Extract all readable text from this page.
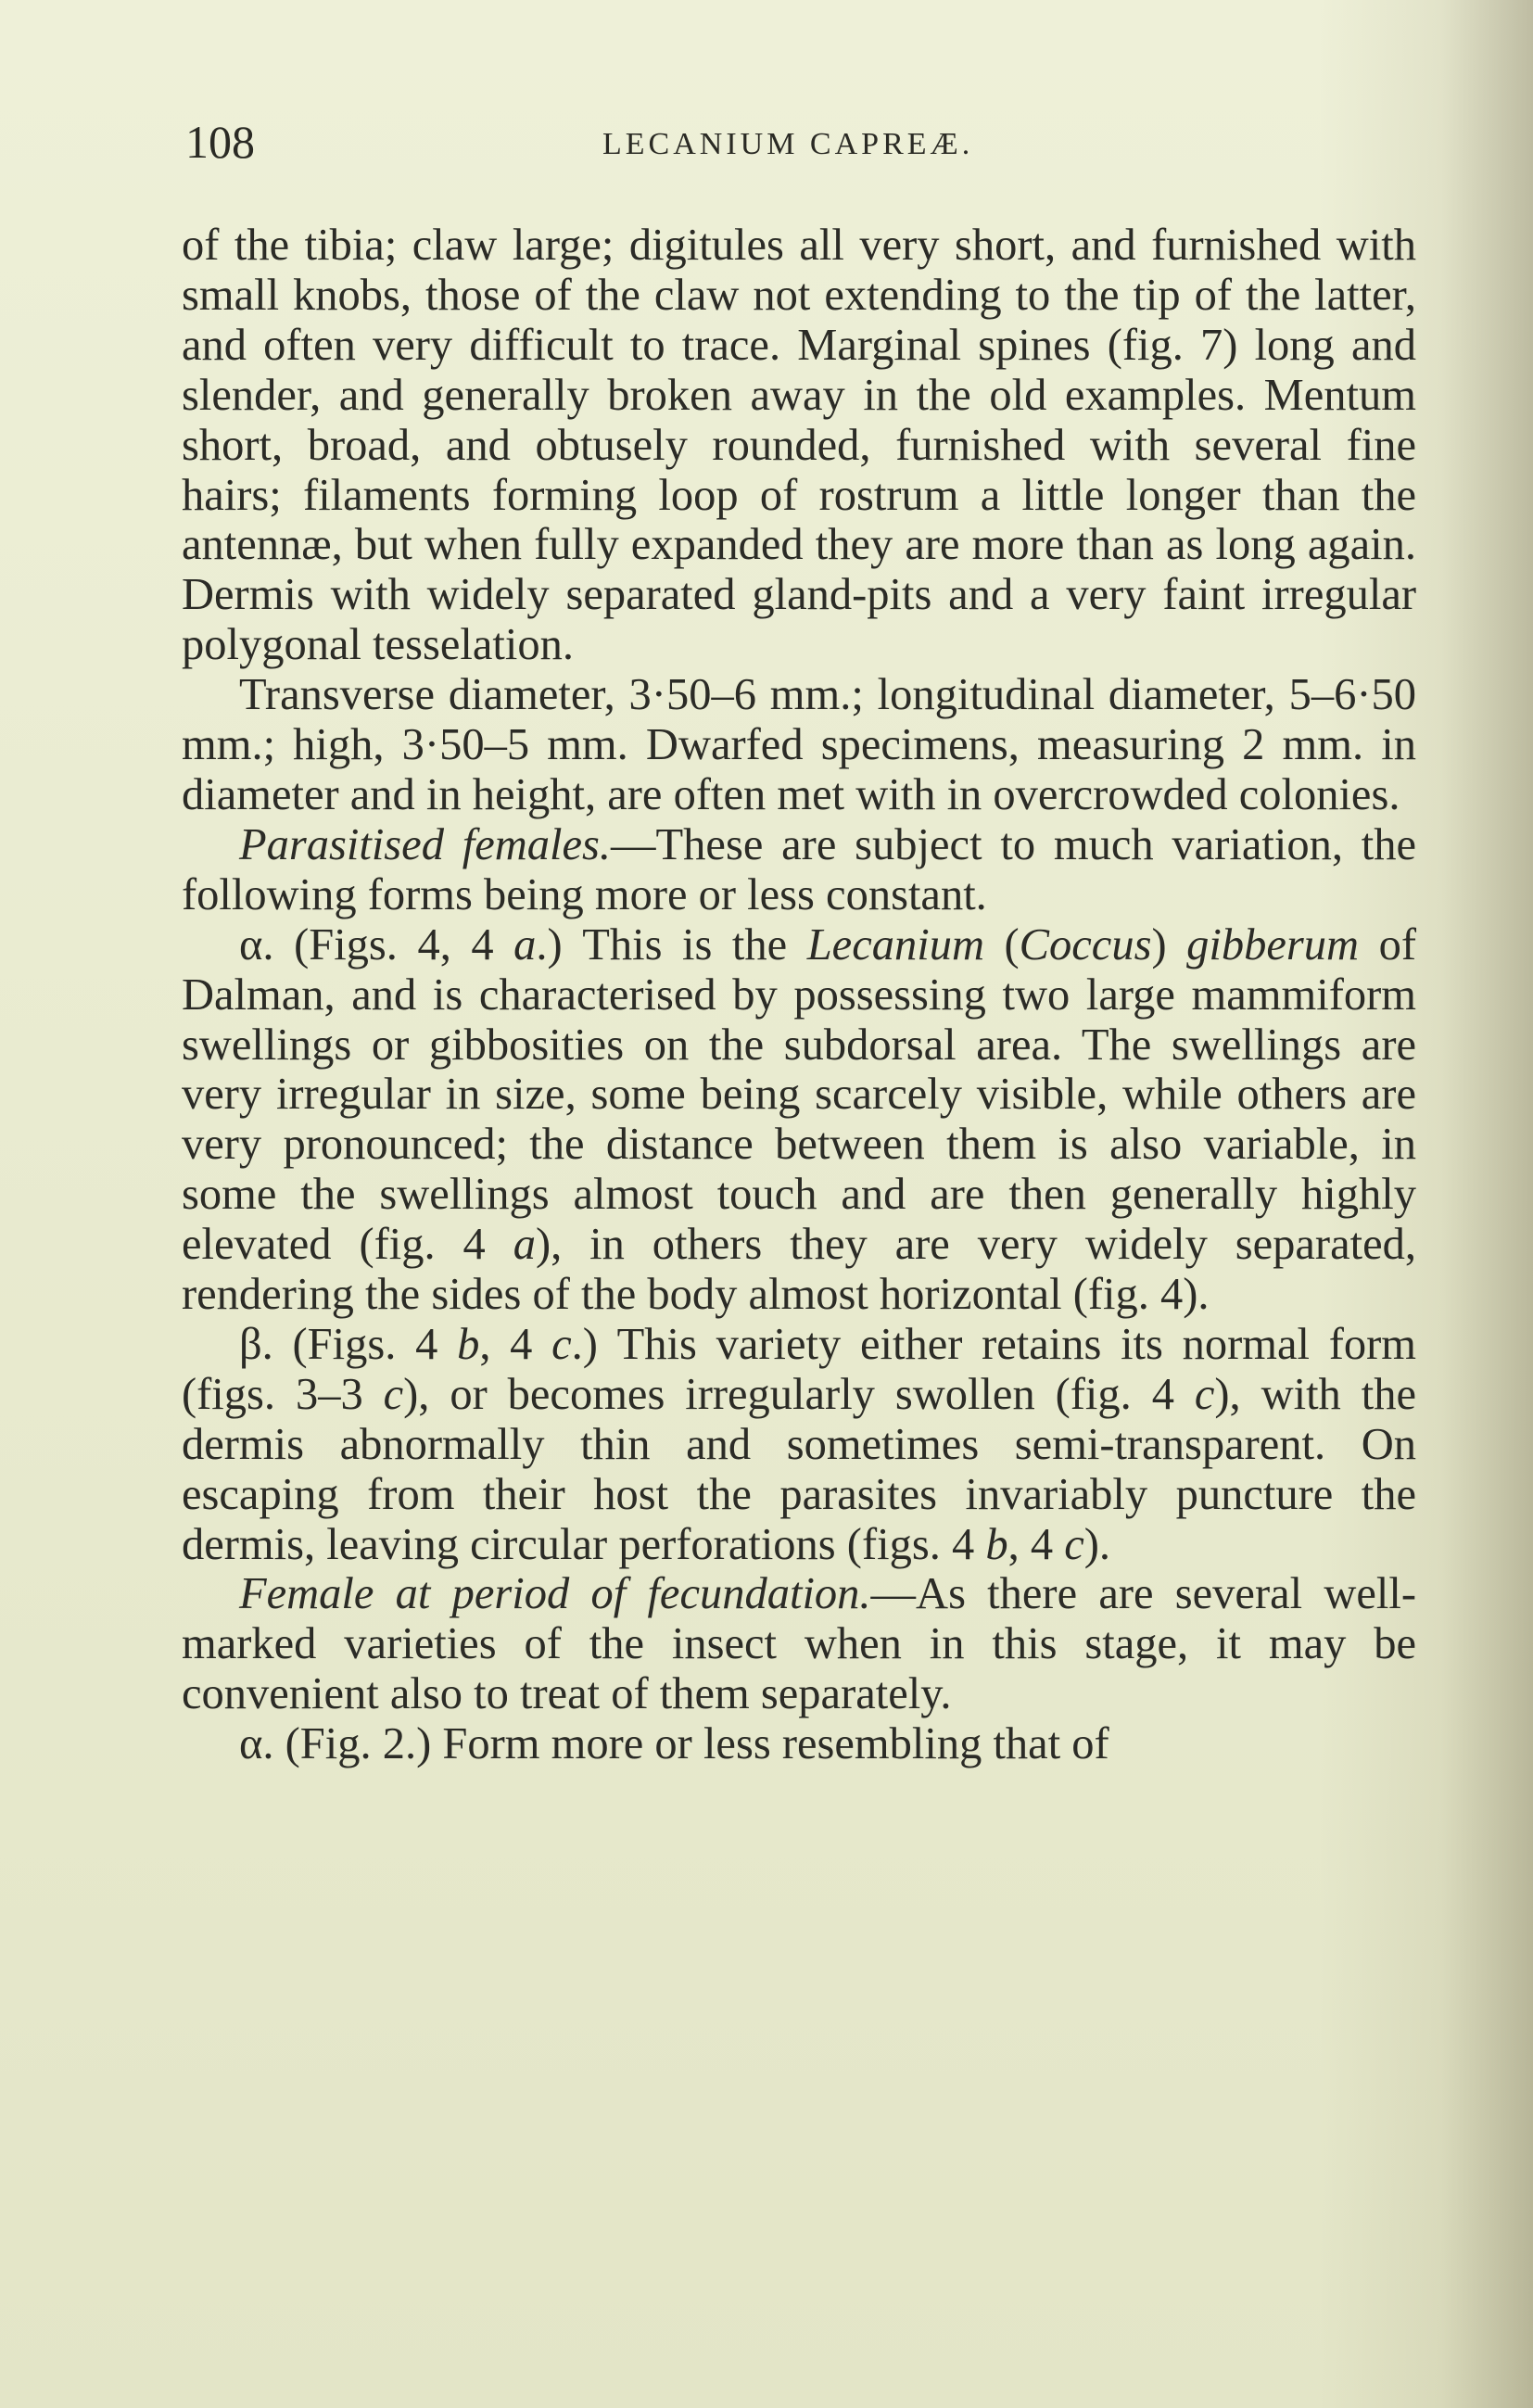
108	LECANIUM CAPREÆ.

of the tibia; claw large; digitules all very short, and furnished with small knobs, those of the claw not extending to the tip of the latter, and often very difficult to trace. Marginal spines (fig. 7) long and slender, and generally broken away in the old examples. Mentum short, broad, and obtusely rounded, furnished with several fine hairs; filaments forming loop of rostrum a little longer than the antennæ, but when fully expanded they are more than as long again. Dermis with widely separated gland-pits and a very faint irregular polygonal tesselation.

Transverse diameter, 3·50–6 mm.; longitudinal diameter, 5–6·50 mm.; high, 3·50–5 mm. Dwarfed specimens, measuring 2 mm. in diameter and in height, are often met with in overcrowded colonies.

Parasitised females.—These are subject to much variation, the following forms being more or less constant.

α. (Figs. 4, 4 a.) This is the Lecanium (Coccus) gibberum of Dalman, and is characterised by possessing two large mammiform swellings or gibbosities on the subdorsal area. The swellings are very irregular in size, some being scarcely visible, while others are very pronounced; the distance between them is also variable, in some the swellings almost touch and are then generally highly elevated (fig. 4 a), in others they are very widely separated, rendering the sides of the body almost horizontal (fig. 4).

β. (Figs. 4 b, 4 c.) This variety either retains its normal form (figs. 3–3 c), or becomes irregularly swollen (fig. 4 c), with the dermis abnormally thin and sometimes semi-transparent. On escaping from their host the parasites invariably puncture the dermis, leaving circular perforations (figs. 4 b, 4 c).

Female at period of fecundation.—As there are several well-marked varieties of the insect when in this stage, it may be convenient also to treat of them separately.

α. (Fig. 2.) Form more or less resembling that of
